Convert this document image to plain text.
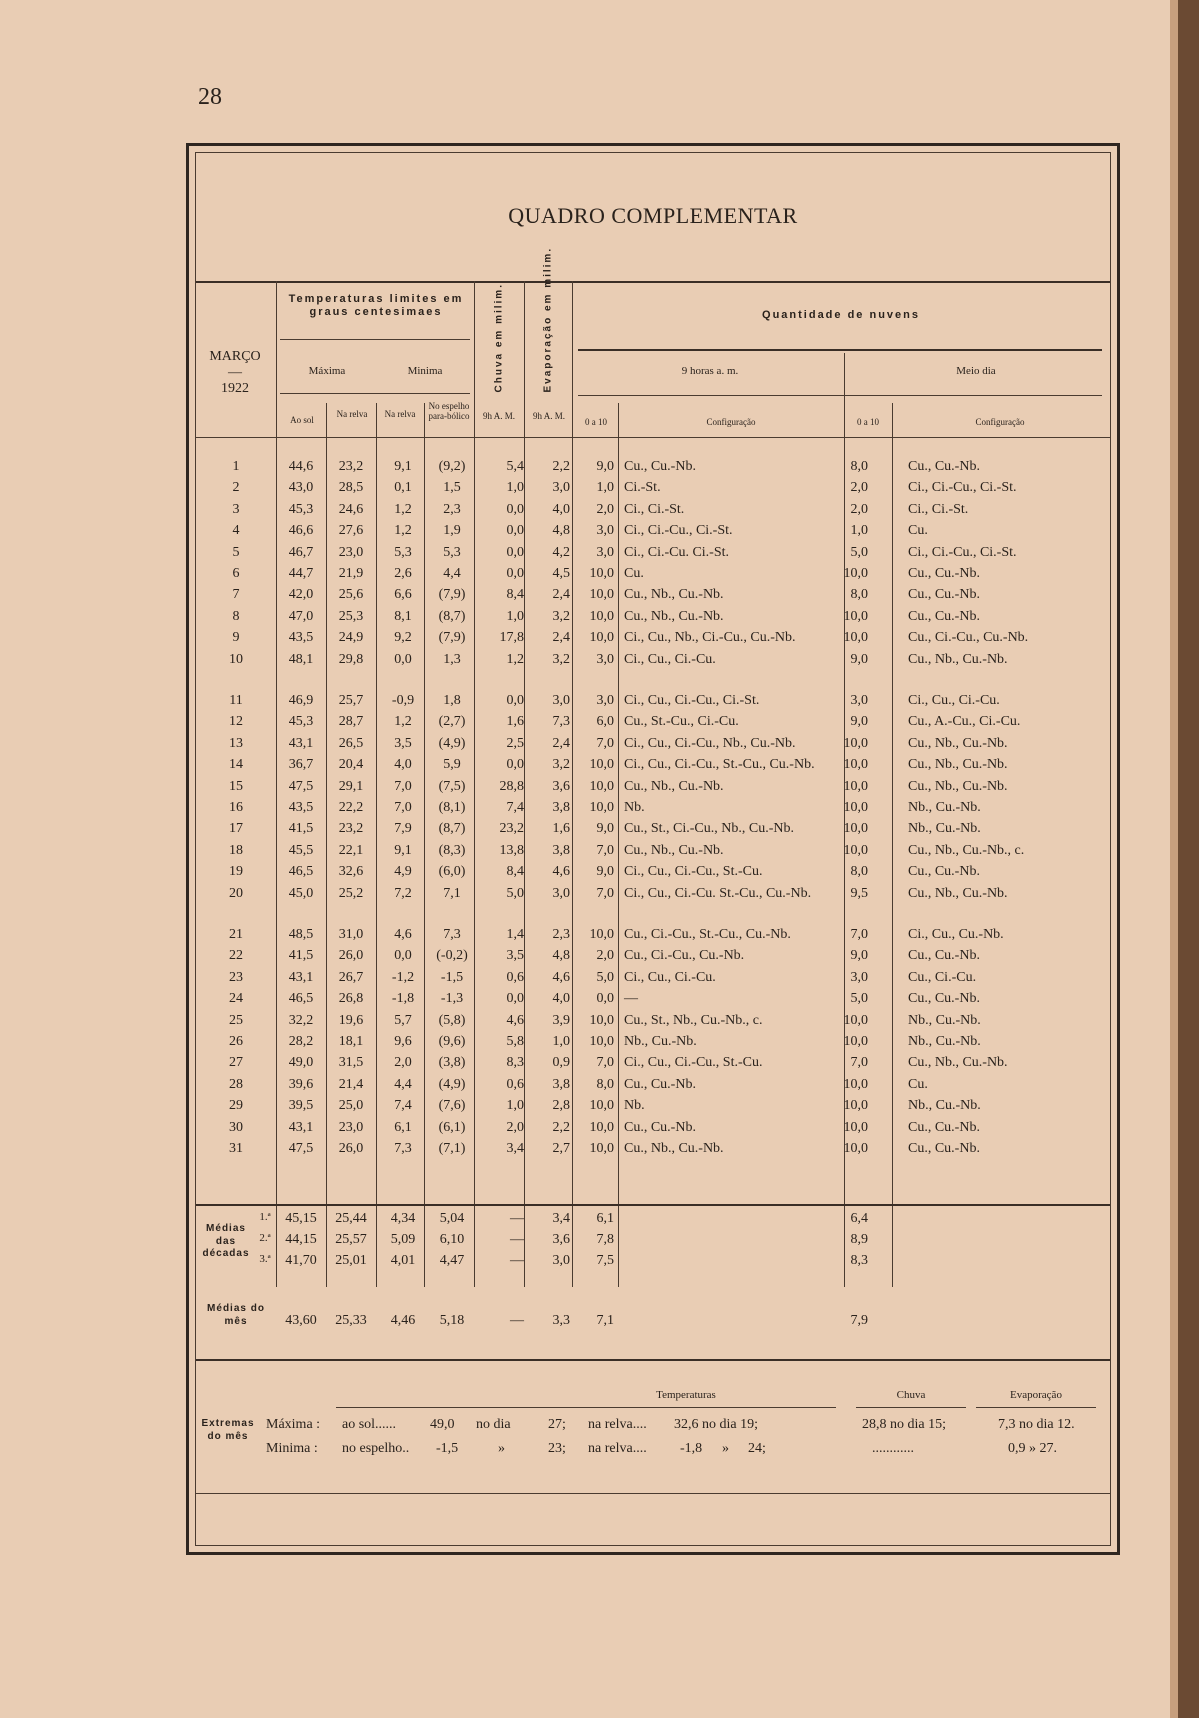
28
QUADRO COMPLEMENTAR
MARÇO
—
1922
Temperaturas limites em graus centesimaes
Máxima	Minima	Chuva em milim.	Evaporação em milim.	Quantidade de nuvens
9 horas a. m.	Meio dia
Ao sol
Na relva	Na relva
No espelho para-bólico	9h A. M.	9h A. M.
0 a 10	Configuração	0 a 10	Configuração
1	44,6	23,2	9,1	(9,2)	5,4	2,2	9,0 Cu., Cu.-Nb.	8,0	Cu., Cu.-Nb.
2	43,0	28,5	0,1	1,5	1,0	3,0	1,0 Ci.-St.	2,0	Ci., Ci.-Cu., Ci.-St.
3	45,3	24,6	1,2	2,3	0,0	4,0	2,0 Ci., Ci.-St.	2,0	Ci., Ci.-St.
4	46,6	27,6	1,2	1,9	0,0	4,8	3,0 Ci., Ci.-Cu., Ci.-St.	1,0	Cu.
5	46,7	23,0	5,3	5,3	0,0	4,2	3,0 Ci., Ci.-Cu. Ci.-St.	5,0	Ci., Ci.-Cu., Ci.-St.
6	44,7	21,9	2,6	4,4	0,0	4,5	10,0 Cu.	10,0	Cu., Cu.-Nb.
7	42,0	25,6	6,6	(7,9)	8,4	2,4	10,0 Cu., Nb., Cu.-Nb.	8,0	Cu., Cu.-Nb.
8	47,0	25,3	8,1	(8,7)	1,0	3,2	10,0 Cu., Nb., Cu.-Nb.	10,0	Cu., Cu.-Nb.
9	43,5	24,9	9,2	(7,9)	17,8	2,4	10,0 Ci., Cu., Nb., Ci.-Cu., Cu.-Nb.	10,0	Cu., Ci.-Cu., Cu.-Nb.
10	48,1	29,8	0,0	1,3	1,2	3,2	3,0 Ci., Cu., Ci.-Cu.	9,0	Cu., Nb., Cu.-Nb.
11	46,9	25,7	-0,9	1,8	0,0	3,0	3,0 Ci., Cu., Ci.-Cu., Ci.-St.	3,0	Ci., Cu., Ci.-Cu.
12	45,3	28,7	1,2	(2,7)	1,6	7,3	6,0 Cu., St.-Cu., Ci.-Cu.	9,0	Cu., A.-Cu., Ci.-Cu.
13	43,1	26,5	3,5	(4,9)	2,5	2,4	7,0 Ci., Cu., Ci.-Cu., Nb., Cu.-Nb.	10,0	Cu., Nb., Cu.-Nb.
14	36,7	20,4	4,0	5,9	0,0	3,2	10,0 Ci., Cu., Ci.-Cu., St.-Cu., Cu.-Nb.	10,0	Cu., Nb., Cu.-Nb.
15	47,5	29,1	7,0	(7,5)	28,8	3,6	10,0 Cu., Nb., Cu.-Nb.	10,0	Cu., Nb., Cu.-Nb.
16	43,5	22,2	7,0	(8,1)	7,4	3,8	10,0 Nb.	10,0	Nb., Cu.-Nb.
17	41,5	23,2	7,9	(8,7)	23,2	1,6	9,0 Cu., St., Ci.-Cu., Nb., Cu.-Nb.	10,0	Nb., Cu.-Nb.
18	45,5	22,1	9,1	(8,3)	13,8	3,8	7,0 Cu., Nb., Cu.-Nb.	10,0	Cu., Nb., Cu.-Nb., c.
19	46,5	32,6	4,9	(6,0)	8,4	4,6	9,0 Ci., Cu., Ci.-Cu., St.-Cu.	8,0	Cu., Cu.-Nb.
20	45,0	25,2	7,2	7,1	5,0	3,0	7,0 Ci., Cu., Ci.-Cu. St.-Cu., Cu.-Nb.	9,5	Cu., Nb., Cu.-Nb.
21	48,5	31,0	4,6	7,3	1,4	2,3	10,0 Cu., Ci.-Cu., St.-Cu., Cu.-Nb.	7,0	Ci., Cu., Cu.-Nb.
22	41,5	26,0	0,0	(-0,2)	3,5	4,8	2,0 Cu., Ci.-Cu., Cu.-Nb.	9,0	Cu., Cu.-Nb.
23	43,1	26,7	-1,2	-1,5	0,6	4,6	5,0 Ci., Cu., Ci.-Cu.	3,0	Cu., Ci.-Cu.
24	46,5	26,8	-1,8	-1,3	0,0	4,0	0,0 —	5,0	Cu., Cu.-Nb.
25	32,2	19,6	5,7	(5,8)	4,6	3,9	10,0 Cu., St., Nb., Cu.-Nb., c.	10,0	Nb., Cu.-Nb.
26	28,2	18,1	9,6	(9,6)	5,8	1,0	10,0 Nb., Cu.-Nb.	10,0	Nb., Cu.-Nb.
27	49,0	31,5	2,0	(3,8)	8,3	0,9	7,0 Ci., Cu., Ci.-Cu., St.-Cu.	7,0	Cu., Nb., Cu.-Nb.
28	39,6	21,4	4,4	(4,9)	0,6	3,8	8,0 Cu., Cu.-Nb.	10,0	Cu.
29	39,5	25,0	7,4	(7,6)	1,0	2,8	10,0 Nb.	10,0	Nb., Cu.-Nb.
30	43,1	23,0	6,1	(6,1)	2,0	2,2	10,0 Cu., Cu.-Nb.	10,0	Cu., Cu.-Nb.
31	47,5	26,0	7,3	(7,1)	3,4	2,7	10,0 Cu., Nb., Cu.-Nb.	10,0	Cu., Cu.-Nb.
Médias das décadas
1.ª	45,15	25,44	4,34	5,04	—	3,4	6,1	6,4
2.ª	44,15	25,57	5,09	6,10	—	3,6	7,8	8,9
3.ª	41,70	25,01	4,01	4,47	—	3,0	7,5	8,3
Médias do mês	43,60	25,33	4,46	5,18	—	3,3	7,1	7,9
Temperaturas	Chuva	Evaporação
Extremas do mês
Máxima : ao sol...... 49,0 no dia	27; na relva.... 32,6 no dia 19;	28,8 no dia 15;	7,3 no dia 12.
Minima : no espelho.. -1,5	»	23; na relva.... -1,8 » 24;	............	0,9 » 27.
